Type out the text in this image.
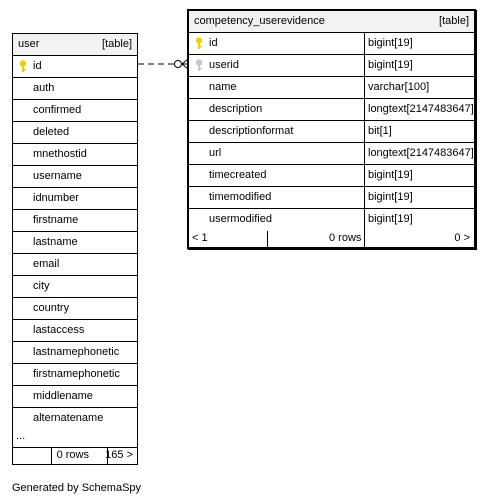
user	[table]
id
auth
confirmed
deleted
mnethostid
username
idnumber
firstname
lastname
email
city
country
lastaccess
lastnamephonetic
firstnamephonetic
middlename
alternatename
...
0 rows 165 >
competency_userevidence	[table]
id	bigint[19]
userid	bigint[19]
name	varchar[100]
description	longtext[2147483647]
descriptionformat	bit[1]
url	longtext[2147483647]
timecreated	bigint[19]
timemodified	bigint[19]
usermodified	bigint[19]
< 1	0 rows	0 >
Generated by SchemaSpy
